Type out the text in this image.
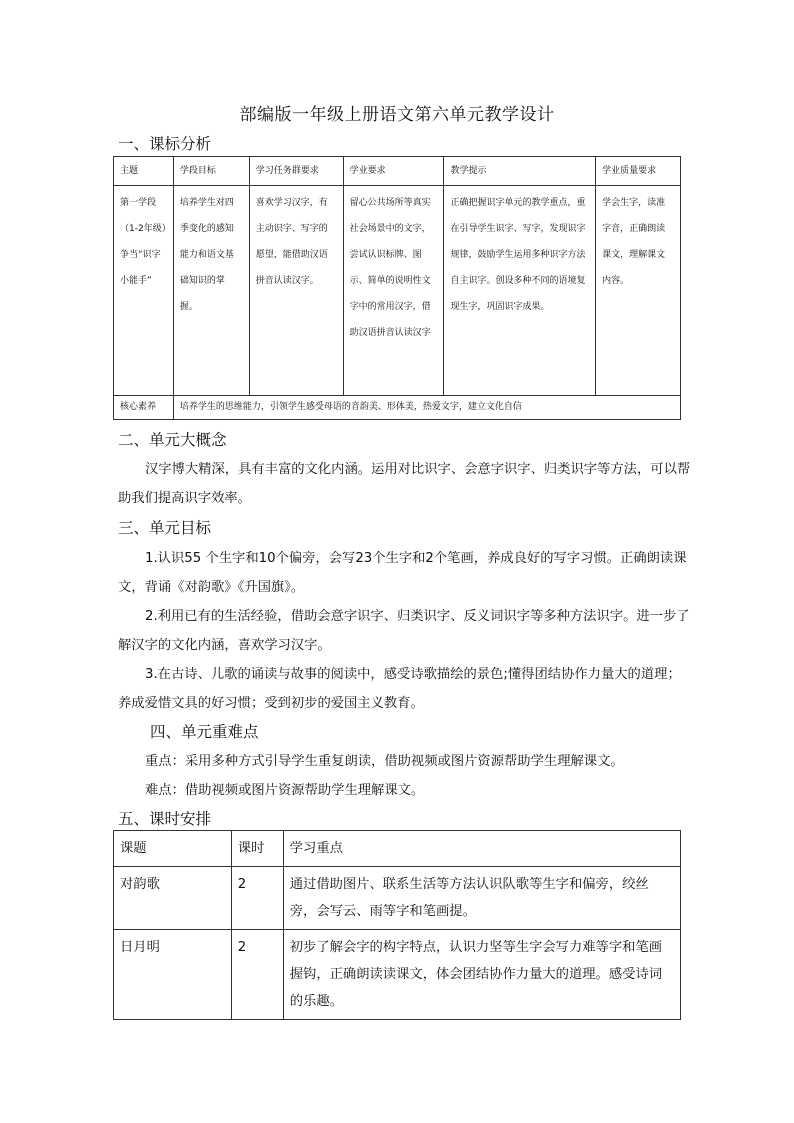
部编版一年级上册语文第六单元教学设计
一、课标分析
主题	学段目标	学习任务群要求	学业要求	教学提示	学业质量要求
第一学段（1-2年级）争当“识字小能手”	培养学生对四季变化的感知能力和语文基础知识的掌握。	喜欢学习汉字，有主动识字、写字的愿望，能借助汉语拼音认读汉字。	留心公共场所等真实社会场景中的文字，尝试认识标牌、图示、简单的说明性文字中的常用汉字，借助汉语拼音认读汉字	正确把握识字单元的教学重点，重在引导学生识字、写字，发现识字规律，鼓励学生运用多种识字方法自主识字。创设多种不同的语境复现生字，巩固识字成果。	学会生字，读准字音，正确朗读课文，理解课文内容。
核心素养	培养学生的思维能力，引领学生感受母语的音韵美、形体美，热爱文字，建立文化自信				
二、单元大概念
汉字博大精深，具有丰富的文化内涵。运用对比识字、会意字识字、归类识字等方法，可以帮助我们提高识字效率。
三、单元目标
1.认识55 个生字和10个偏旁，会写23个生字和2个笔画，养成良好的写字习惯。正确朗读课文，背诵《对韵歌》《升国旗》。
2.利用已有的生活经验，借助会意字识字、归类识字、反义词识字等多种方法识字。进一步了解汉字的文化内涵，喜欢学习汉字。
3.在古诗、儿歌的诵读与故事的阅读中，感受诗歌描绘的景色;懂得团结协作力量大的道理；养成爱惜文具的好习惯；受到初步的爱国主义教育。
四、单元重难点
重点：采用多种方式引导学生重复朗读，借助视频或图片资源帮助学生理解课文。
难点：借助视频或图片资源帮助学生理解课文。
五、课时安排
课题	课时	学习重点
对韵歌	2	通过借助图片、联系生活等方法认识队歌等生字和偏旁，绞丝旁，会写云、雨等字和笔画提。
日月明	2	初步了解会字的构字特点，认识力坚等生字会写力难等字和笔画握钩，正确朗读读课文，体会团结协作力量大的道理。感受诗词的乐趣。
